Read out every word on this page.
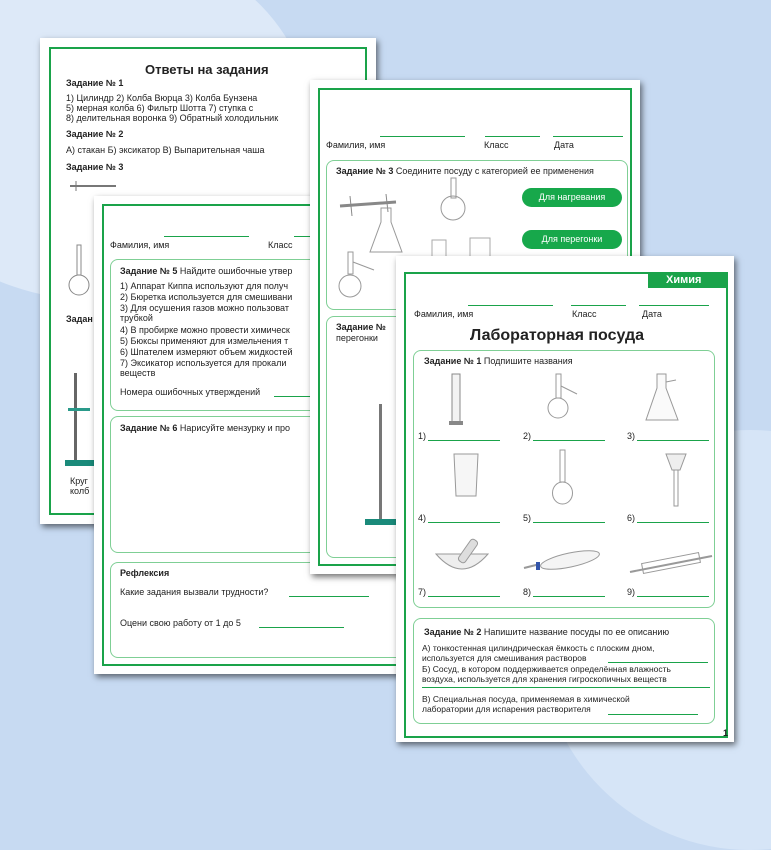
Ответы на задания
Задание № 1
1) Цилиндр 2) Колба Вюрца 3) Колба Бунзена
5) мерная колба 6) Фильтр Шотта 7) ступка с
8) делительная воронка 9) Обратный холодильник
Задание № 2
А) стакан Б) эксикатор В) Выпарительная чаша
Задание № 3
Задан
Круг
колб
Фамилия, имя	Класс
Задание № 5 Найдите ошибочные утвер
1) Аппарат Киппа используют для получ
2) Бюретка используется для смешивани
3) Для осушения газов можно пользоват
трубкой
4) В пробирке можно провести химическ
5) Бюксы применяют для измельчения т
6) Шпателем измеряют объем жидкостей
7) Эксикатор используется для прокали
веществ
Номера ошибочных утверждений
Задание № 6 Нарисуйте мензурку и про
Рефлексия
Какие задания вызвали трудности?
Оцени свою работу от 1 до 5
Фамилия, имя	Класс	Дата
Задание № 3 Соедините посуду с категорией ее применения
Для нагревания
Для перегонки
Задание №
перегонки
Химия
Фамилия, имя	Класс	Дата
Лабораторная посуда
Задание № 1 Подпишите названия
1)	2)	3)
4)	5)	6)
7)	8)	9)
Задание № 2 Напишите название посуды по ее описанию
А) тонкостенная цилиндрическая ёмкость с плоским дном,
используется для смешивания растворов
Б) Сосуд, в котором поддерживается определённая влажность
воздуха, используется для хранения гигроскопичных веществ
В) Специальная посуда, применяемая в химической
лаборатории для испарения растворителя
1
